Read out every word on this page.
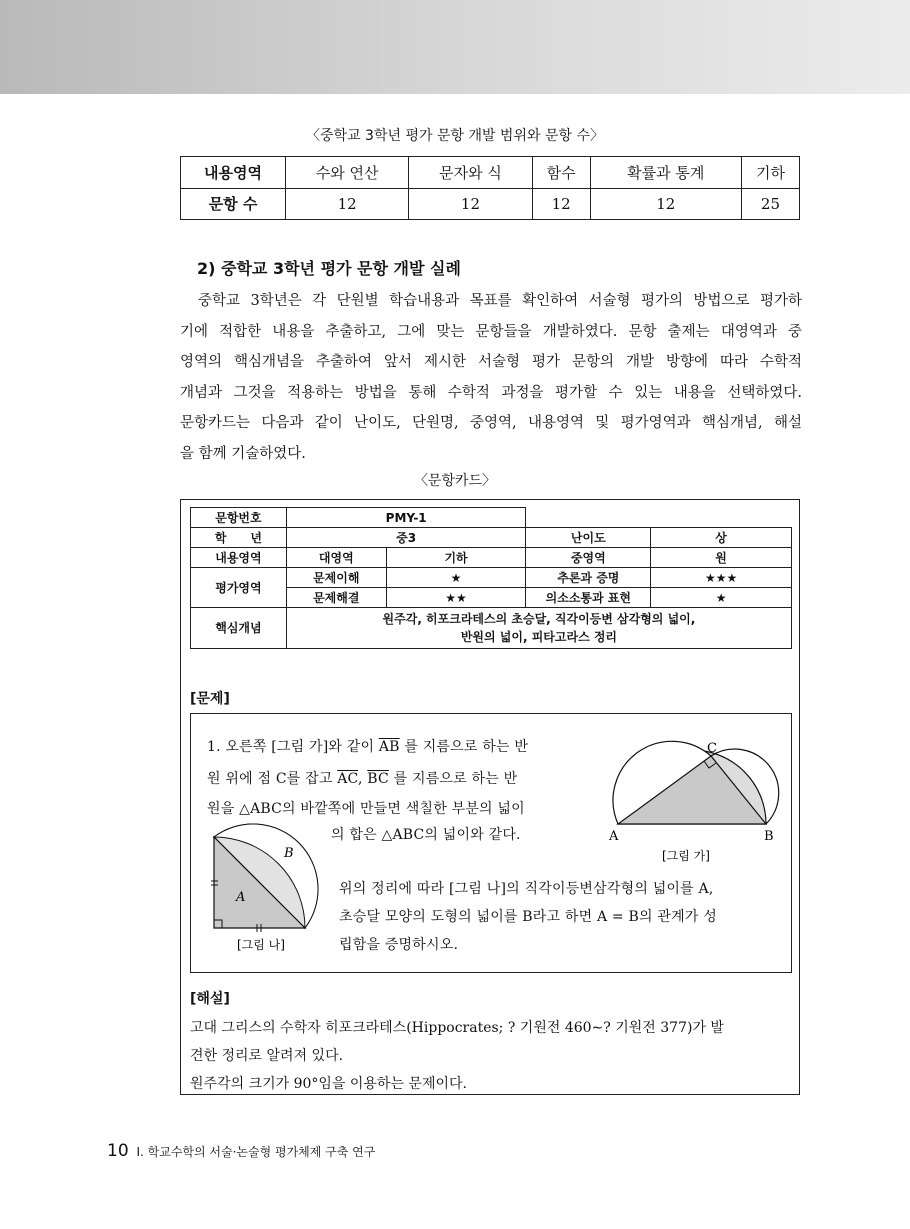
〈중학교 3학년 평가 문항 개발 범위와 문항 수〉
내용영역	수와 연산	문자와 식	함수	확률과 통계	기하
문항 수	12	12	12	12	25
2) 중학교 3학년 평가 문항 개발 실례
중학교 3학년은 각 단원별 학습내용과 목표를 확인하여 서술형 평가의 방법으로 평가하
기에 적합한 내용을 추출하고, 그에 맞는 문항들을 개발하였다. 문항 출제는 대영역과 중
영역의 핵심개념을 추출하여 앞서 제시한 서술형 평가 문항의 개발 방향에 따라 수학적
개념과 그것을 적용하는 방법을 통해 수학적 과정을 평가할 수 있는 내용을 선택하였다.
문항카드는 다음과 같이 난이도, 단원명, 중영역, 내용영역 및 평가영역과 핵심개념, 해설
을 함께 기술하였다.
〈문항카드〉
문항번호	PMY-1			
학　　년	중3		난이도	상
내용영역	대영역	기하	중영역	원
평가영역	문제이해	★	추론과 증명	★★★
	문제해결	★★	의소소통과 표현	★
핵심개념	원주각, 히포크라테스의 초승달, 직각이등변 삼각형의 넓이,
반원의 넓이, 피타고라스 정리			
[문제]
1. 오른쪽 [그림 가]와 같이 $\overline{AB}$ 를 지름으로 하는 반
원 위에 점 C를 잡고 $\overline{AC}$, $\overline{BC}$ 를 지름으로 하는 반
원을 △ABC의 바깥쪽에 만들면 색칠한 부분의 넓이
의 합은 △ABC의 넓이와 같다.
위의 정리에 따라 [그림 나]의 직각이등변삼각형의 넓이를 A,
초승달 모양의 도형의 넓이를 B라고 하면 A = B의 관계가 성
립함을 증명하시오.
A	B
C
[그림 가]
A
B
[그림 나]
[해설]
고대 그리스의 수학자 히포크라테스(Hippocrates; ? 기원전 460∼? 기원전 377)가 발
견한 정리로 알려져 있다.
원주각의 크기가 90°임을 이용하는 문제이다.
10 I. 학교수학의 서술·논술형 평가체제 구축 연구
